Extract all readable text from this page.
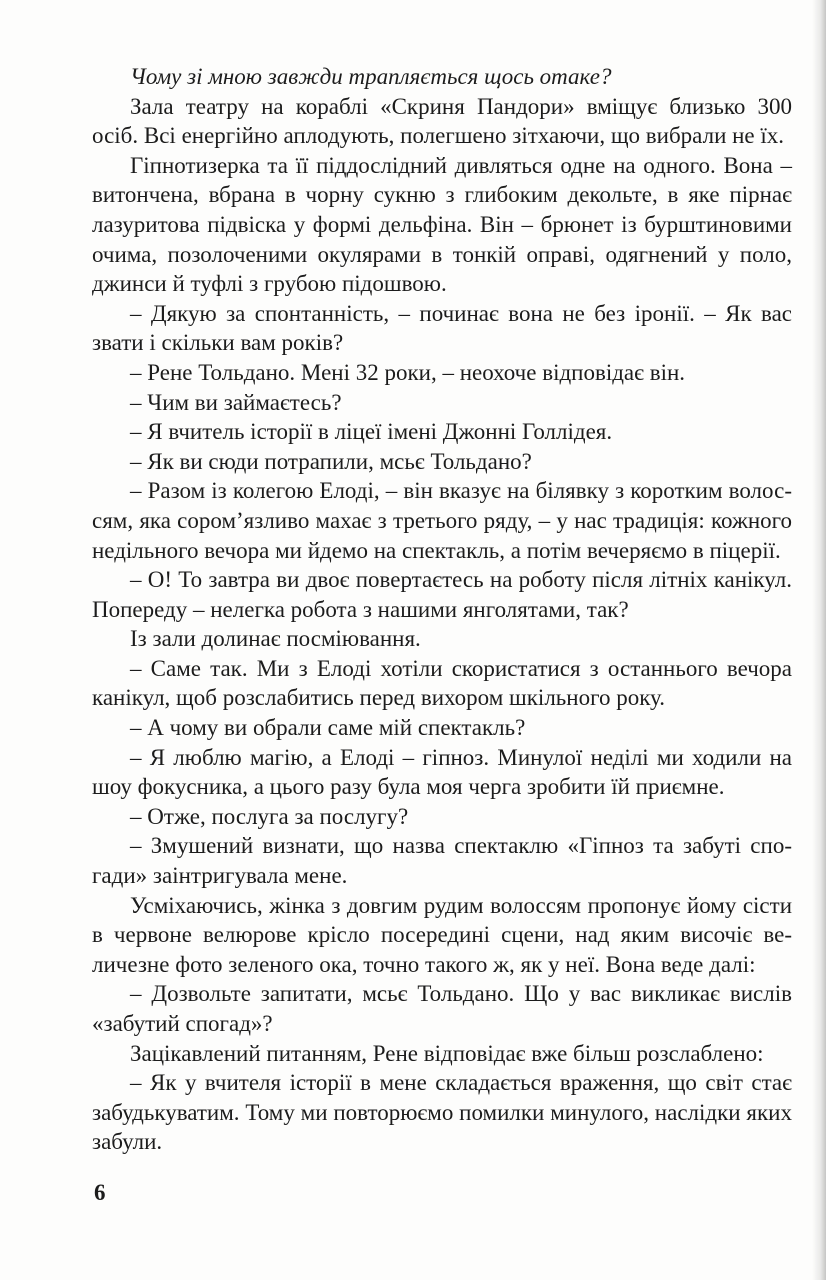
Чому зі мною завжди трапляється щось отаке?

Зала театру на кораблі «Скриня Пандори» вміщує близько 300 осіб. Всі енергійно аплодують, полегшено зітхаючи, що вибрали не їх.

Гіпнотизерка та її піддослідний дивляться одне на одного. Вона – витончена, вбрана в чорну сукню з глибоким декольте, в яке пірнає лазуритова підвіска у формі дельфіна. Він – брюнет із бурштиновими очима, позолоченими окулярами в тонкій оправі, одягнений у поло, джинси й туфлі з грубою підошвою.

– Дякую за спонтанність, – починає вона не без іронії. – Як вас звати і скільки вам років?

– Рене Тольдано. Мені 32 роки, – неохоче відповідає він.

– Чим ви займаєтесь?

– Я вчитель історії в ліцеї імені Джонні Голлідея.

– Як ви сюди потрапили, мсьє Тольдано?

– Разом із колегою Елоді, – він вказує на білявку з коротким волоссям, яка сором’язливо махає з третього ряду, – у нас традиція: кожного недільного вечора ми йдемо на спектакль, а потім вечеряємо в піцерії.

– О! То завтра ви двоє повертаєтесь на роботу після літніх канікул. Попереду – нелегка робота з нашими янголятами, так?

Із зали долинає посміювання.

– Саме так. Ми з Елоді хотіли скористатися з останнього вечора канікул, щоб розслабитись перед вихором шкільного року.

– А чому ви обрали саме мій спектакль?

– Я люблю магію, а Елоді – гіпноз. Минулої неділі ми ходили на шоу фокусника, а цього разу була моя черга зробити їй приємне.

– Отже, послуга за послугу?

– Змушений визнати, що назва спектаклю «Гіпноз та забуті спогади» заінтригувала мене.

Усміхаючись, жінка з довгим рудим волоссям пропонує йому сісти в червоне велюрове крісло посередині сцени, над яким височіє величезне фото зеленого ока, точно такого ж, як у неї. Вона веде далі:

– Дозвольте запитати, мсьє Тольдано. Що у вас викликає вислів «забутий спогад»?

Зацікавлений питанням, Рене відповідає вже більш розслаблено:

– Як у вчителя історії в мене складається враження, що світ стає забудькуватим. Тому ми повторюємо помилки минулого, наслідки яких забули.

6
